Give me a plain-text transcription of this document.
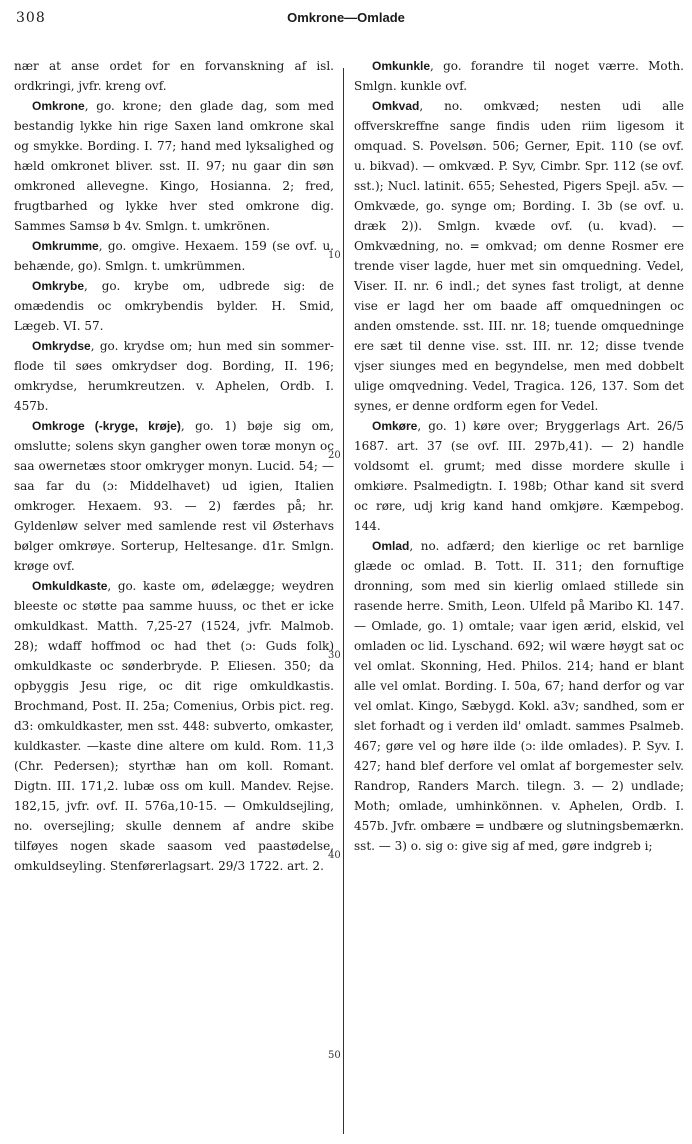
308	Omkrone—Omlade
10
20
30
40
50

nær at anse ordet for en forvanskning af isl. ordkringi, jvfr. kreng ovf.

Omkrone, go. krone; den glade dag, som med bestandig lykke hin rige Saxen land omkrone skal og smykke. Bording. I. 77; hand med lyksalighed og hæld omkronet bliver. sst. II. 97; nu gaar din søn omkroned allevegne. Kingo, Hosianna. 2; fred, frugtbarhed og lykke hver sted omkrone dig. Sammes Samsø b 4v. Smlgn. t. umkrönen.

Omkrumme, go. omgive. Hexaem. 159 (se ovf. u. behænde, go). Smlgn. t. umkrümmen.

Omkrybe, go. krybe om, udbrede sig: de omædendis oc omkrybendis bylder. H. Smid, Lægeb. VI. 57.

Omkrydse, go. krydse om; hun med sin sommer-flode til søes omkrydser dog. Bording, II. 196; omkrydse, herumkreutzen. v. Aphelen, Ordb. I. 457b.

Omkroge (-kryge, krøje), go. 1) bøje sig om, omslutte; solens skyn gangher owen toræ monyn oc saa owernetæs stoor omkryger monyn. Lucid. 54; — saa far du (ɔ: Middelhavet) ud igien, Italien omkroger. Hexaem. 93. — 2) færdes på; hr. Gyldenløw selver med samlende rest vil Østerhavs bølger omkrøye. Sorterup, Heltesange. d1r. Smlgn. krøge ovf.

Omkuldkaste, go. kaste om, ødelægge; weydren bleeste oc støtte paa samme huuss, oc thet er icke omkuldkast. Matth. 7,25-27 (1524, jvfr. Malmob. 28); wdaff hoffmod oc had thet (ɔ: Guds folk) omkuldkaste oc sønderbryde. P. Eliesen. 350; da opbyggis Jesu rige, oc dit rige omkuldkastis. Brochmand, Post. II. 25a; Comenius, Orbis pict. reg. d3: omkuldkaster, men sst. 448: subverto, omkaster, kuldkaster. —kaste dine altere om kuld. Rom. 11,3 (Chr. Pedersen); styrthæ han om koll. Romant. Digtn. III. 171,2. lubæ oss om kull. Mandev. Rejse. 182,15, jvfr. ovf. II. 576a,10-15. — Omkuldsejling, no. oversejling; skulle dennem af andre skibe tilføyes nogen skade saasom ved paastødelse, omkuldseyling. Stenførerlagsart. 29/3 1722. art. 2.

Omkunkle, go. forandre til noget værre. Moth. Smlgn. kunkle ovf.

Omkvad, no. omkvæd; nesten udi alle offverskreffne sange findis uden riim ligesom it omquad. S. Povelsøn. 506; Gerner, Epit. 110 (se ovf. u. bikvad). — omkvæd. P. Syv, Cimbr. Spr. 112 (se ovf. sst.); Nucl. latinit. 655; Sehested, Pigers Spejl. a5v. — Omkvæde, go. synge om; Bording. I. 3b (se ovf. u. dræk 2)). Smlgn. kvæde ovf. (u. kvad). — Omkvædning, no. = omkvad; om denne Rosmer ere trende viser lagde, huer met sin omquedning. Vedel, Viser. II. nr. 6 indl.; det synes fast troligt, at denne vise er lagd her om baade aff omquedningen oc anden omstende. sst. III. nr. 18; tuende omquedninge ere sæt til denne vise. sst. III. nr. 12; disse tvende vjser siunges med en begyndelse, men med dobbelt ulige omqvedning. Vedel, Tragica. 126, 137. Som det synes, er denne ordform egen for Vedel.

Omkøre, go. 1) køre over; Bryggerlags Art. 26/5 1687. art. 37 (se ovf. III. 297b,41). — 2) handle voldsomt el. grumt; med disse mordere skulle i omkiøre. Psalmedigtn. I. 198b; Othar kand sit sverd oc røre, udj krig kand hand omkjøre. Kæmpebog. 144.

Omlad, no. adfærd; den kierlige oc ret barnlige glæde oc omlad. B. Tott. II. 311; den fornuftige dronning, som med sin kierlig omlaed stillede sin rasende herre. Smith, Leon. Ulfeld på Maribo Kl. 147. — Omlade, go. 1) omtale; vaar igen ærid, elskid, vel omladen oc lid. Lyschand. 692; wil wære høygt sat oc vel omlat. Skonning, Hed. Philos. 214; hand er blant alle vel omlat. Bording. I. 50a, 67; hand derfor og var vel omlat. Kingo, Sæbygd. Kokl. a3v; sandhed, som er slet forhadt og i verden ild' omladt. sammes Psalmeb. 467; gøre vel og høre ilde (ɔ: ilde omlades). P. Syv. I. 427; hand blef derfore vel omlat af borgemester selv. Randrop, Randers March. tilegn. 3. — 2) undlade; Moth; omlade, umhinkönnen. v. Aphelen, Ordb. I. 457b. Jvfr. ombære = undbære og slutningsbemærkn. sst. — 3) o. sig o: give sig af med, gøre indgreb i;
